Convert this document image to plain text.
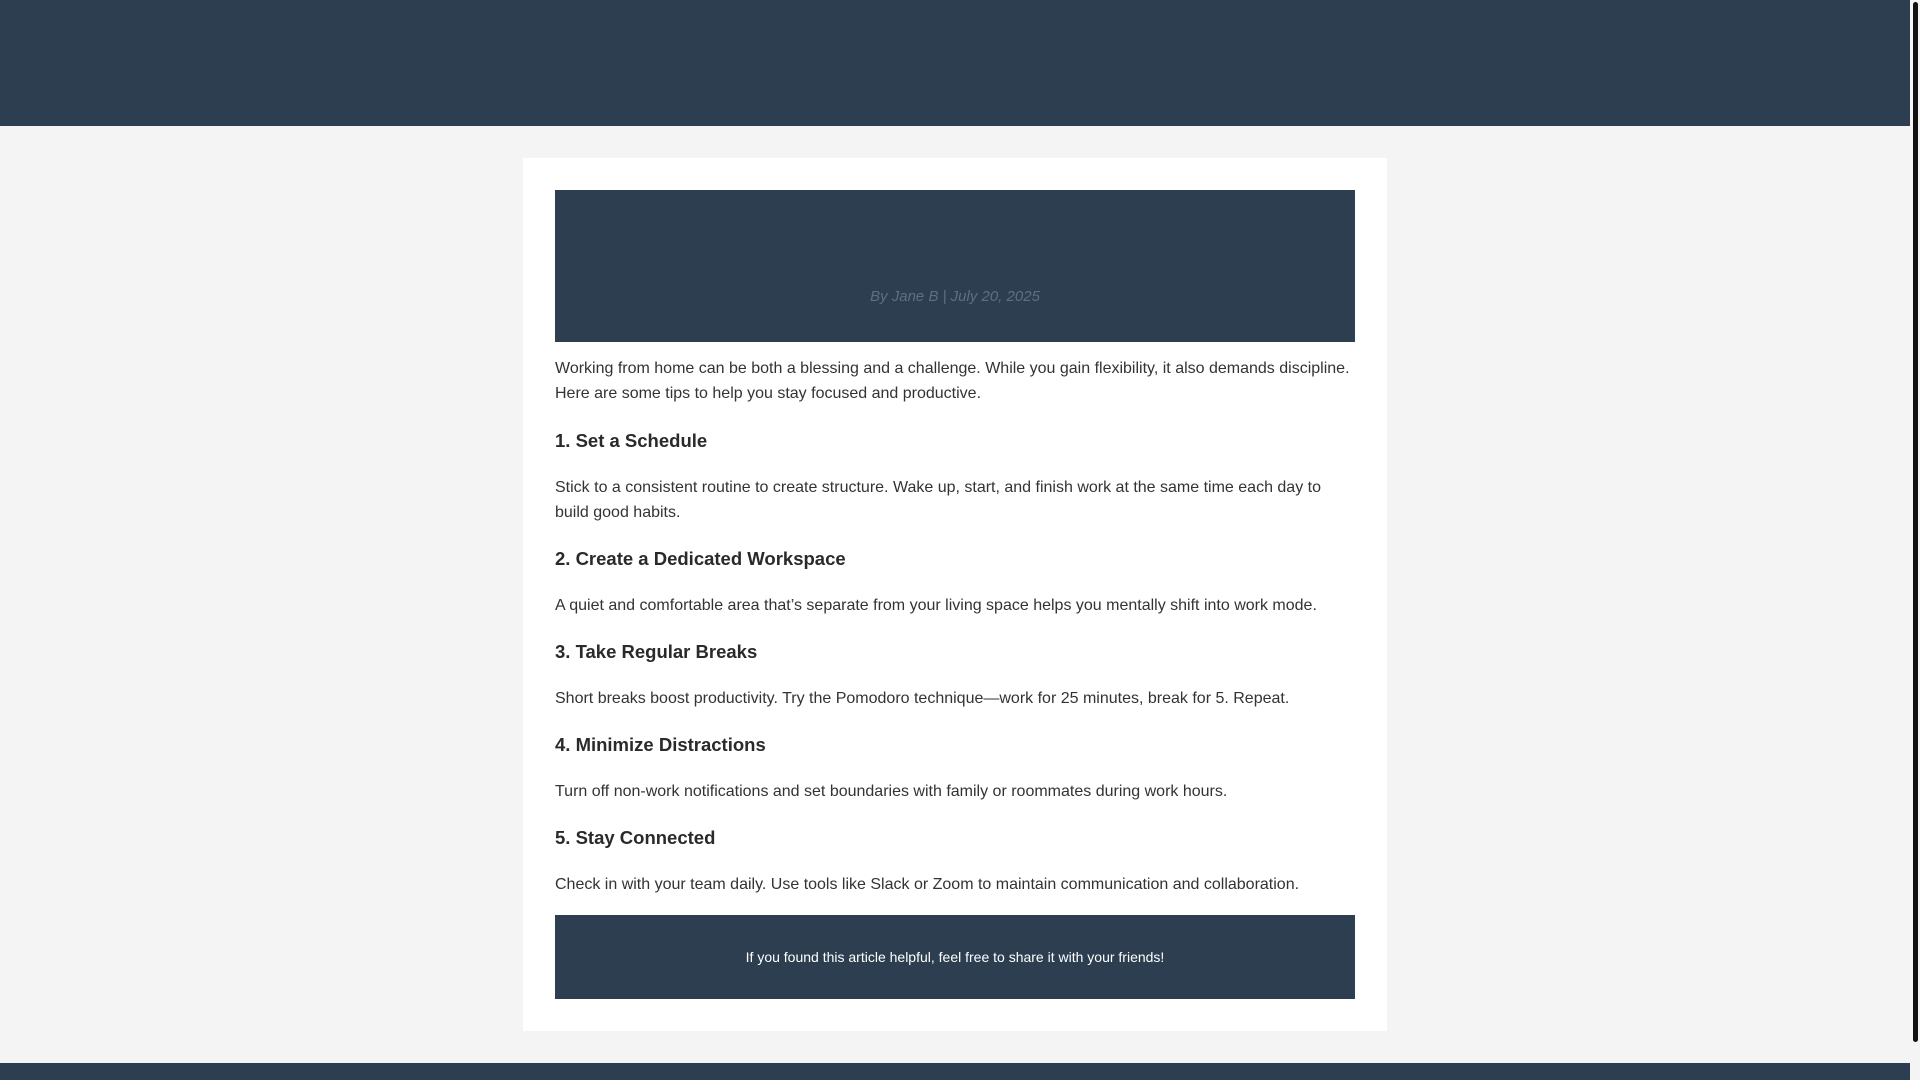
By Jane B | July 20, 2025

Working from home can be both a blessing and a challenge. While you gain flexibility, it also demands discipline. Here are some tips to help you stay focused and productive.

1. Set a Schedule

Stick to a consistent routine to create structure. Wake up, start, and finish work at the same time each day to build good habits.

2. Create a Dedicated Workspace

A quiet and comfortable area that’s separate from your living space helps you mentally shift into work mode.

3. Take Regular Breaks

Short breaks boost productivity. Try the Pomodoro technique—work for 25 minutes, break for 5. Repeat.

4. Minimize Distractions

Turn off non-work notifications and set boundaries with family or roommates during work hours.

5. Stay Connected

Check in with your team daily. Use tools like Slack or Zoom to maintain communication and collaboration.

If you found this article helpful, feel free to share it with your friends!
